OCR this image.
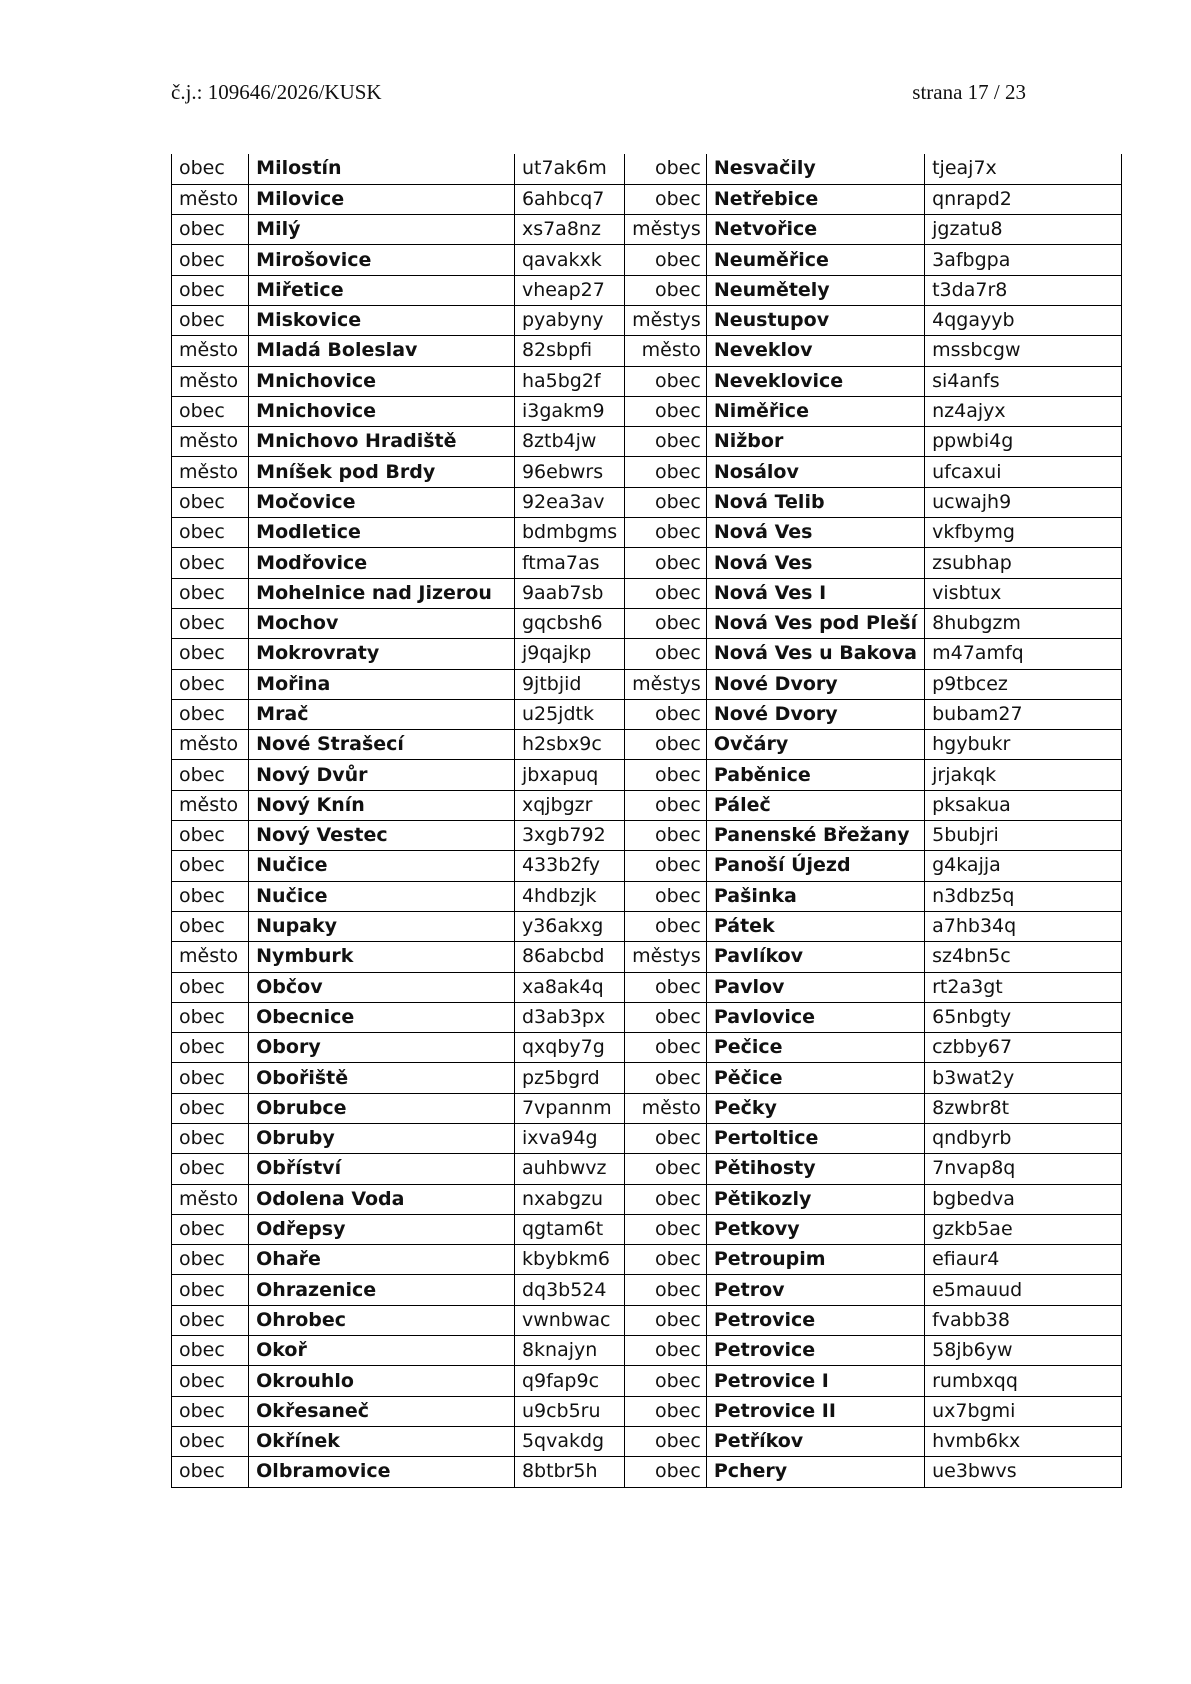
č.j.: 109646/2026/KUSK	strana 17 / 23
obec	Milostín	ut7ak6m	obec	Nesvačily	tjeaj7x
město	Milovice	6ahbcq7	obec	Netřebice	qnrapd2
obec	Milý	xs7a8nz	městys	Netvořice	jgzatu8
obec	Mirošovice	qavakxk	obec	Neuměřice	3afbgpa
obec	Miřetice	vheap27	obec	Neumětely	t3da7r8
obec	Miskovice	pyabyny	městys	Neustupov	4qgayyb
město	Mladá Boleslav	82sbpfi	město	Neveklov	mssbcgw
město	Mnichovice	ha5bg2f	obec	Neveklovice	si4anfs
obec	Mnichovice	i3gakm9	obec	Niměřice	nz4ajyx
město	Mnichovo Hradiště	8ztb4jw	obec	Nižbor	ppwbi4g
město	Mníšek pod Brdy	96ebwrs	obec	Nosálov	ufcaxui
obec	Močovice	92ea3av	obec	Nová Telib	ucwajh9
obec	Modletice	bdmbgms	obec	Nová Ves	vkfbymg
obec	Modřovice	ftma7as	obec	Nová Ves	zsubhap
obec	Mohelnice nad Jizerou	9aab7sb	obec	Nová Ves I	visbtux
obec	Mochov	gqcbsh6	obec	Nová Ves pod Pleší	8hubgzm
obec	Mokrovraty	j9qajkp	obec	Nová Ves u Bakova	m47amfq
obec	Mořina	9jtbjid	městys	Nové Dvory	p9tbcez
obec	Mrač	u25jdtk	obec	Nové Dvory	bubam27
město	Nové Strašecí	h2sbx9c	obec	Ovčáry	hgybukr
obec	Nový Dvůr	jbxapuq	obec	Paběnice	jrjakqk
město	Nový Knín	xqjbgzr	obec	Páleč	pksakua
obec	Nový Vestec	3xgb792	obec	Panenské Břežany	5bubjri
obec	Nučice	433b2fy	obec	Panoší Újezd	g4kajja
obec	Nučice	4hdbzjk	obec	Pašinka	n3dbz5q
obec	Nupaky	y36akxg	obec	Pátek	a7hb34q
město	Nymburk	86abcbd	městys	Pavlíkov	sz4bn5c
obec	Občov	xa8ak4q	obec	Pavlov	rt2a3gt
obec	Obecnice	d3ab3px	obec	Pavlovice	65nbgty
obec	Obory	qxqby7g	obec	Pečice	czbby67
obec	Obořiště	pz5bgrd	obec	Pěčice	b3wat2y
obec	Obrubce	7vpannm	město	Pečky	8zwbr8t
obec	Obruby	ixva94g	obec	Pertoltice	qndbyrb
obec	Obříství	auhbwvz	obec	Pětihosty	7nvap8q
město	Odolena Voda	nxabgzu	obec	Pětikozly	bgbedva
obec	Odřepsy	qgtam6t	obec	Petkovy	gzkb5ae
obec	Ohaře	kbybkm6	obec	Petroupim	efiaur4
obec	Ohrazenice	dq3b524	obec	Petrov	e5mauud
obec	Ohrobec	vwnbwac	obec	Petrovice	fvabb38
obec	Okoř	8knajyn	obec	Petrovice	58jb6yw
obec	Okrouhlo	q9fap9c	obec	Petrovice I	rumbxqq
obec	Okřesaneč	u9cb5ru	obec	Petrovice II	ux7bgmi
obec	Okřínek	5qvakdg	obec	Petříkov	hvmb6kx
obec	Olbramovice	8btbr5h	obec	Pchery	ue3bwvs
